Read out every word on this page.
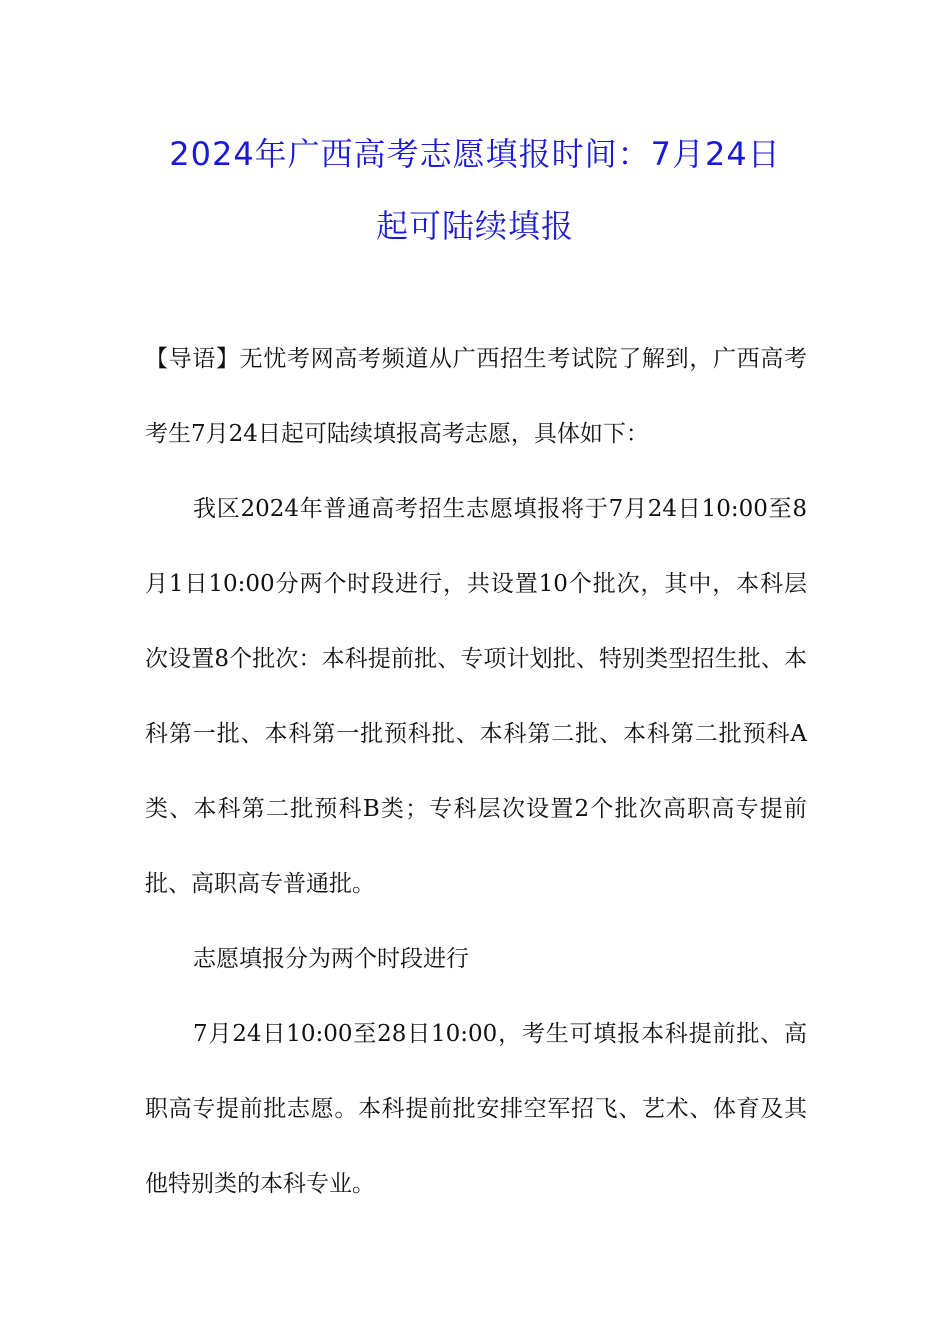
2024年广西高考志愿填报时间：7月24日
起可陆续填报

【导语】无忧考网高考频道从广西招生考试院了解到，广西高考考生7月24日起可陆续填报高考志愿，具体如下：

我区2024年普通高考招生志愿填报将于7月24日10:00至8月1日10:00分两个时段进行，共设置10个批次，其中，本科层次设置8个批次：本科提前批、专项计划批、特别类型招生批、本科第一批、本科第一批预科批、本科第二批、本科第二批预科A类、本科第二批预科B类；专科层次设置2个批次高职高专提前批、高职高专普通批。

志愿填报分为两个时段进行

7月24日10:00至28日10:00，考生可填报本科提前批、高职高专提前批志愿。本科提前批安排空军招飞、艺术、体育及其他特别类的本科专业。
